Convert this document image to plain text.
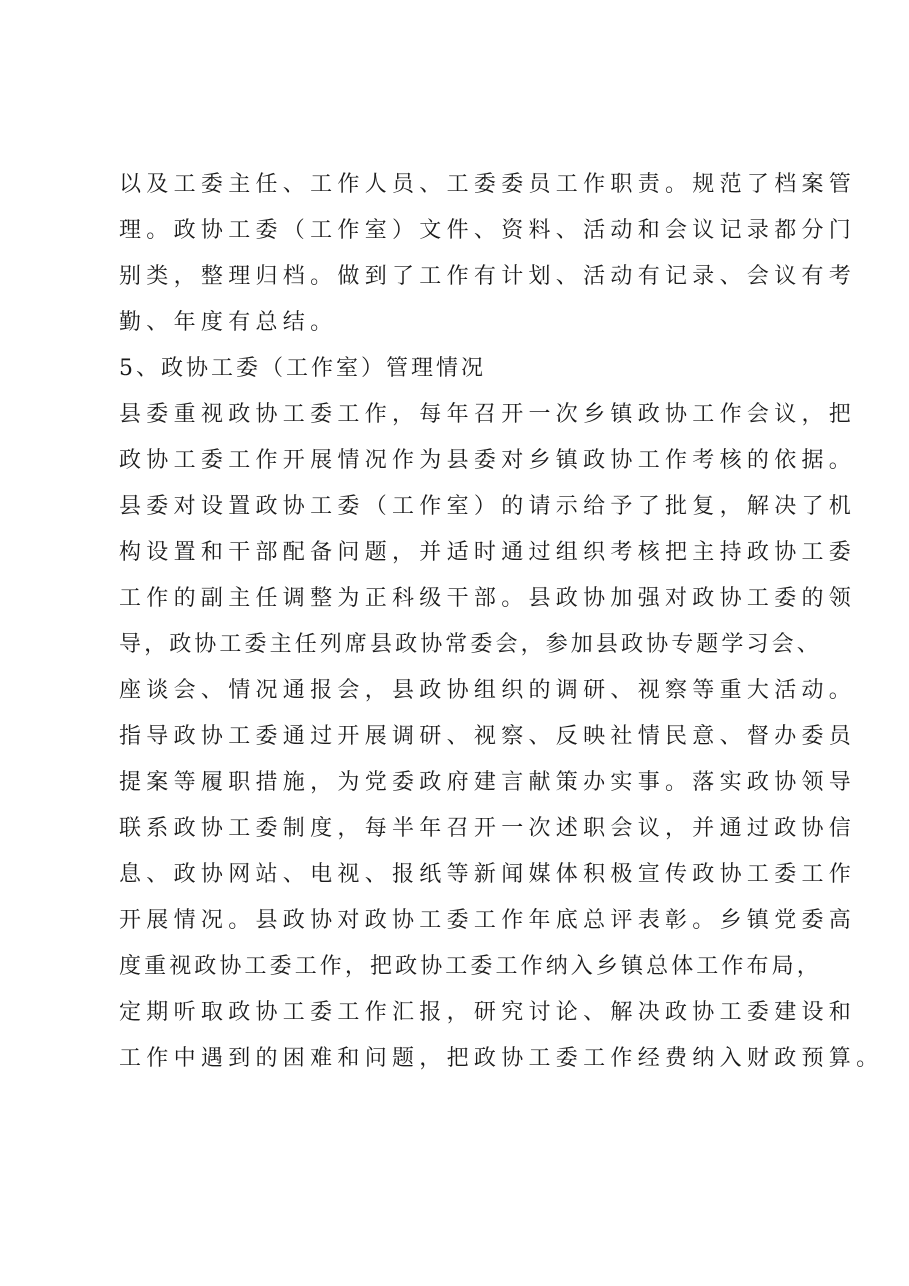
以及工委主任、工作人员、工委委员工作职责。规范了档案管
理。政协工委（工作室）文件、资料、活动和会议记录都分门
别类，整理归档。做到了工作有计划、活动有记录、会议有考
勤、年度有总结。
5、政协工委（工作室）管理情况
县委重视政协工委工作，每年召开一次乡镇政协工作会议，把
政协工委工作开展情况作为县委对乡镇政协工作考核的依据。
县委对设置政协工委（工作室）的请示给予了批复，解决了机
构设置和干部配备问题，并适时通过组织考核把主持政协工委
工作的副主任调整为正科级干部。县政协加强对政协工委的领
导，政协工委主任列席县政协常委会，参加县政协专题学习会、
座谈会、情况通报会，县政协组织的调研、视察等重大活动。
指导政协工委通过开展调研、视察、反映社情民意、督办委员
提案等履职措施，为党委政府建言献策办实事。落实政协领导
联系政协工委制度，每半年召开一次述职会议，并通过政协信
息、政协网站、电视、报纸等新闻媒体积极宣传政协工委工作
开展情况。县政协对政协工委工作年底总评表彰。乡镇党委高
度重视政协工委工作，把政协工委工作纳入乡镇总体工作布局，
定期听取政协工委工作汇报，研究讨论、解决政协工委建设和
工作中遇到的困难和问题，把政协工委工作经费纳入财政预算。
